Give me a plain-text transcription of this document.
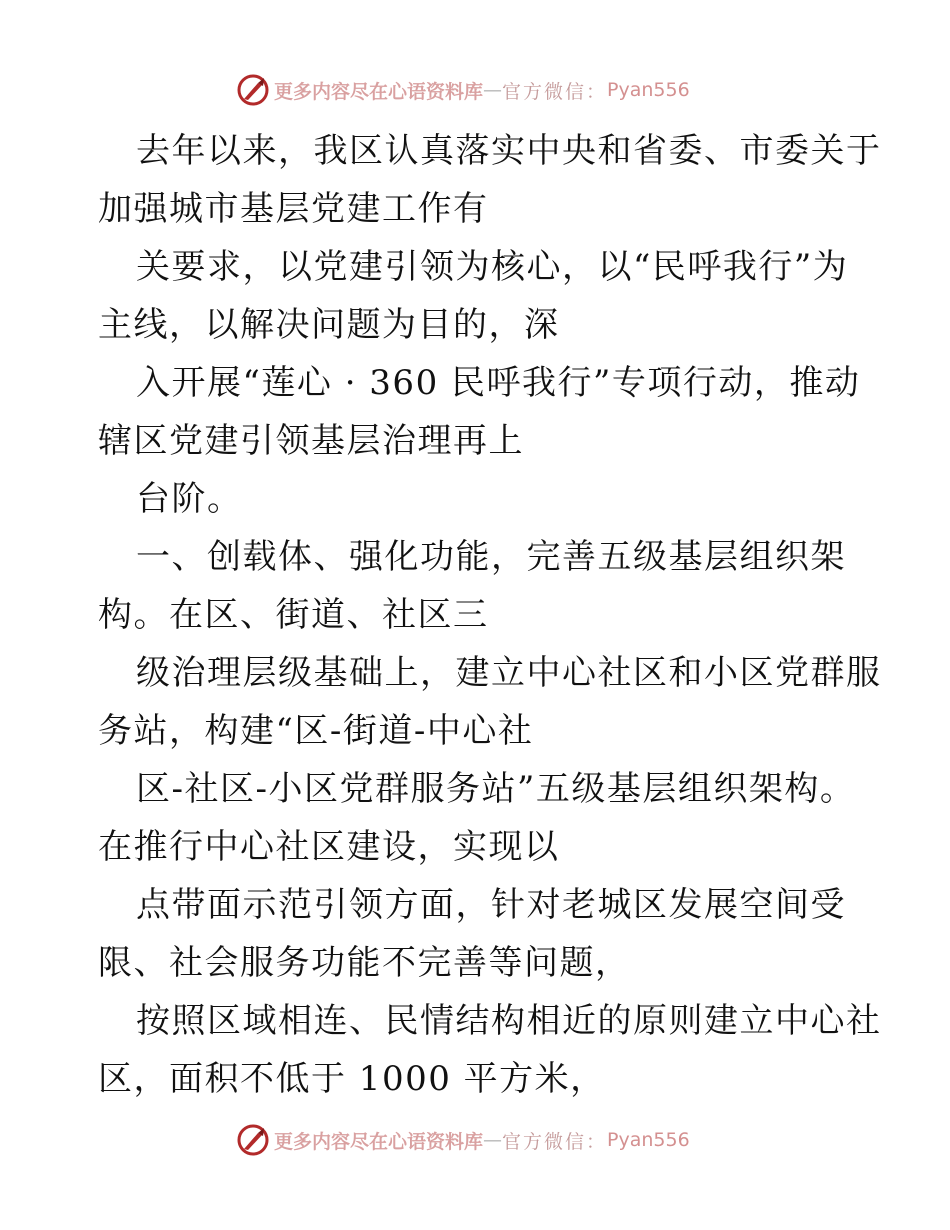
更多内容尽在心语资料库 — 官方微信： Pyan556
去年以来，我区认真落实中央和省委、市委关于
加强城市基层党建工作有
关要求，以党建引领为核心，以“民呼我行”为
主线，以解决问题为目的，深
入开展“莲心 · 360 民呼我行”专项行动，推动
辖区党建引领基层治理再上
台阶。
一、创载体、强化功能，完善五级基层组织架
构。在区、街道、社区三
级治理层级基础上，建立中心社区和小区党群服
务站，构建“区-街道-中心社
区-社区-小区党群服务站”五级基层组织架构。
在推行中心社区建设，实现以
点带面示范引领方面，针对老城区发展空间受
限、社会服务功能不完善等问题，
按照区域相连、民情结构相近的原则建立中心社
区，面积不低于 1000 平方米，
更多内容尽在心语资料库 — 官方微信： Pyan556
